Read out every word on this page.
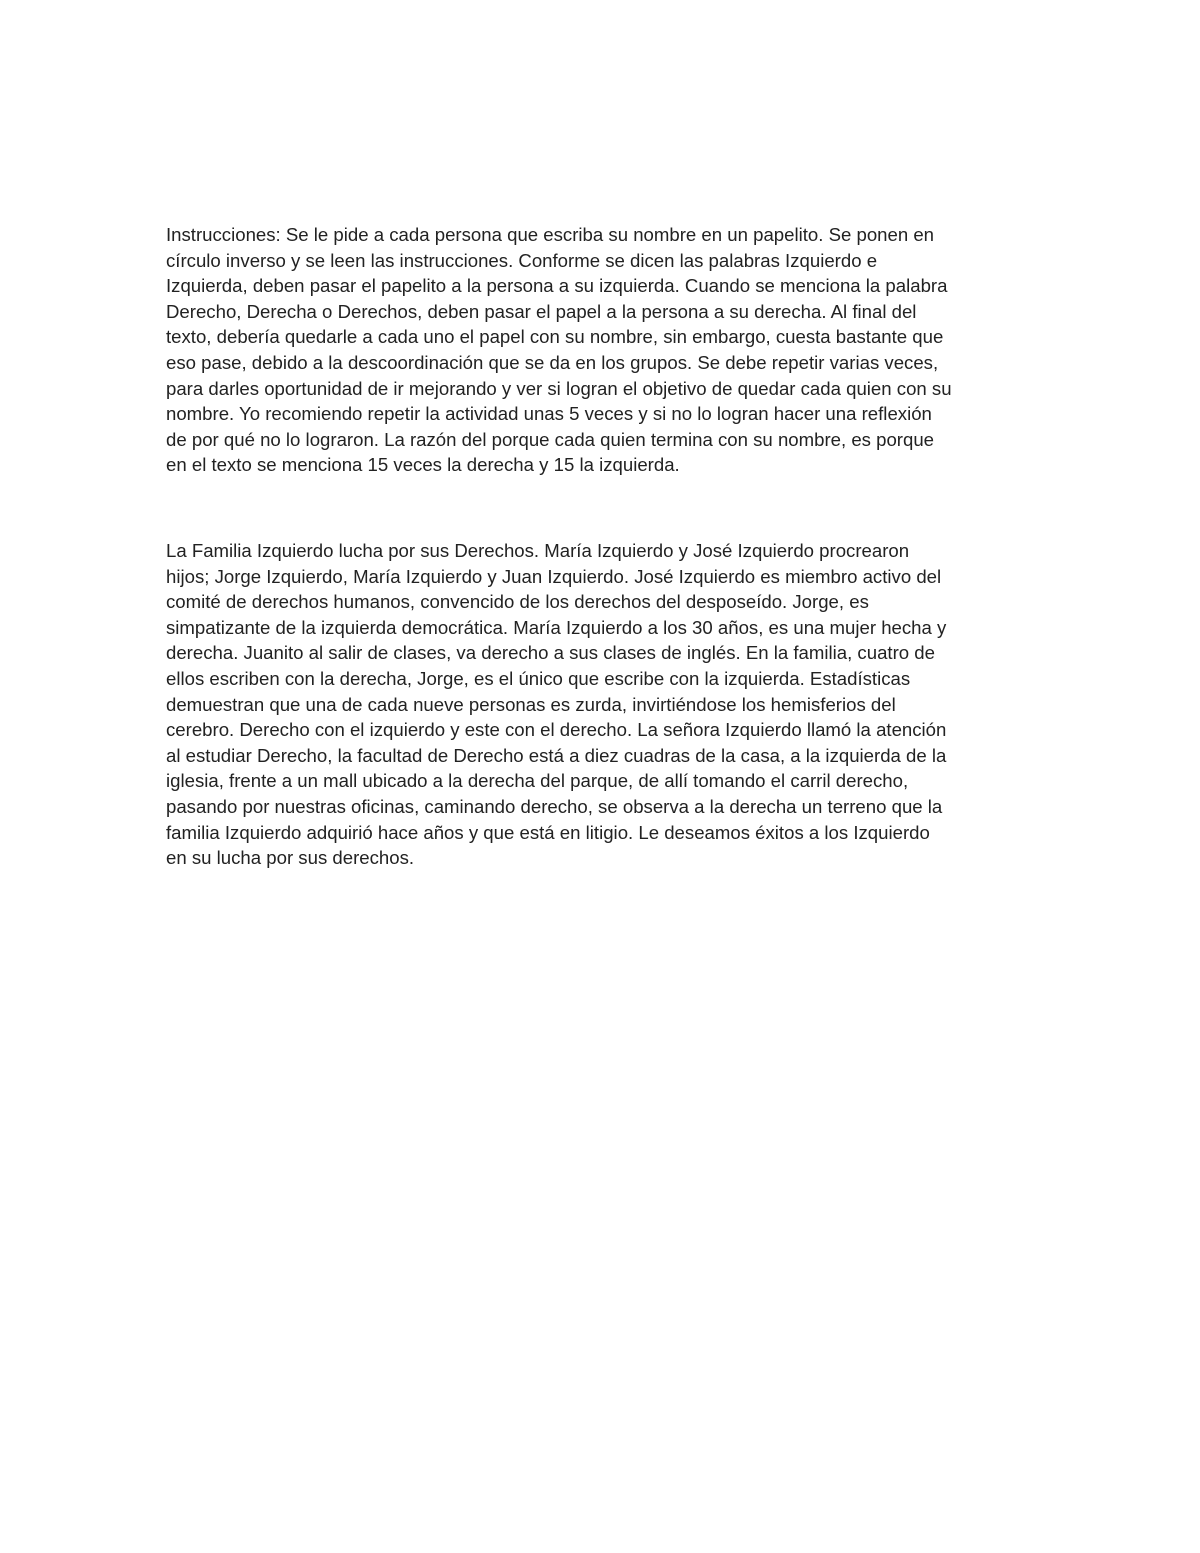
Instrucciones: Se le pide a cada persona que escriba su nombre en un papelito. Se ponen en
círculo inverso y se leen las instrucciones. Conforme se dicen las palabras Izquierdo e
Izquierda, deben pasar el papelito a la persona a su izquierda. Cuando se menciona la palabra
Derecho, Derecha o Derechos, deben pasar el papel a la persona a su derecha. Al final del
texto, debería quedarle a cada uno el papel con su nombre, sin embargo, cuesta bastante que
eso pase, debido a la descoordinación que se da en los grupos. Se debe repetir varias veces,
para darles oportunidad de ir mejorando y ver si logran el objetivo de quedar cada quien con su
nombre. Yo recomiendo repetir la actividad unas 5 veces y si no lo logran hacer una reflexión
de por qué no lo lograron. La razón del porque cada quien termina con su nombre, es porque
en el texto se menciona 15 veces la derecha y 15 la izquierda.

La Familia Izquierdo lucha por sus Derechos. María Izquierdo y José Izquierdo procrearon
hijos; Jorge Izquierdo, María Izquierdo y Juan Izquierdo. José Izquierdo es miembro activo del
comité de derechos humanos, convencido de los derechos del desposeído. Jorge, es
simpatizante de la izquierda democrática. María Izquierdo a los 30 años, es una mujer hecha y
derecha. Juanito al salir de clases, va derecho a sus clases de inglés. En la familia, cuatro de
ellos escriben con la derecha, Jorge, es el único que escribe con la izquierda. Estadísticas
demuestran que una de cada nueve personas es zurda, invirtiéndose los hemisferios del
cerebro. Derecho con el izquierdo y este con el derecho. La señora Izquierdo llamó la atención
al estudiar Derecho, la facultad de Derecho está a diez cuadras de la casa, a la izquierda de la
iglesia, frente a un mall ubicado a la derecha del parque, de allí tomando el carril derecho,
pasando por nuestras oficinas, caminando derecho, se observa a la derecha un terreno que la
familia Izquierdo adquirió hace años y que está en litigio. Le deseamos éxitos a los Izquierdo
en su lucha por sus derechos.
